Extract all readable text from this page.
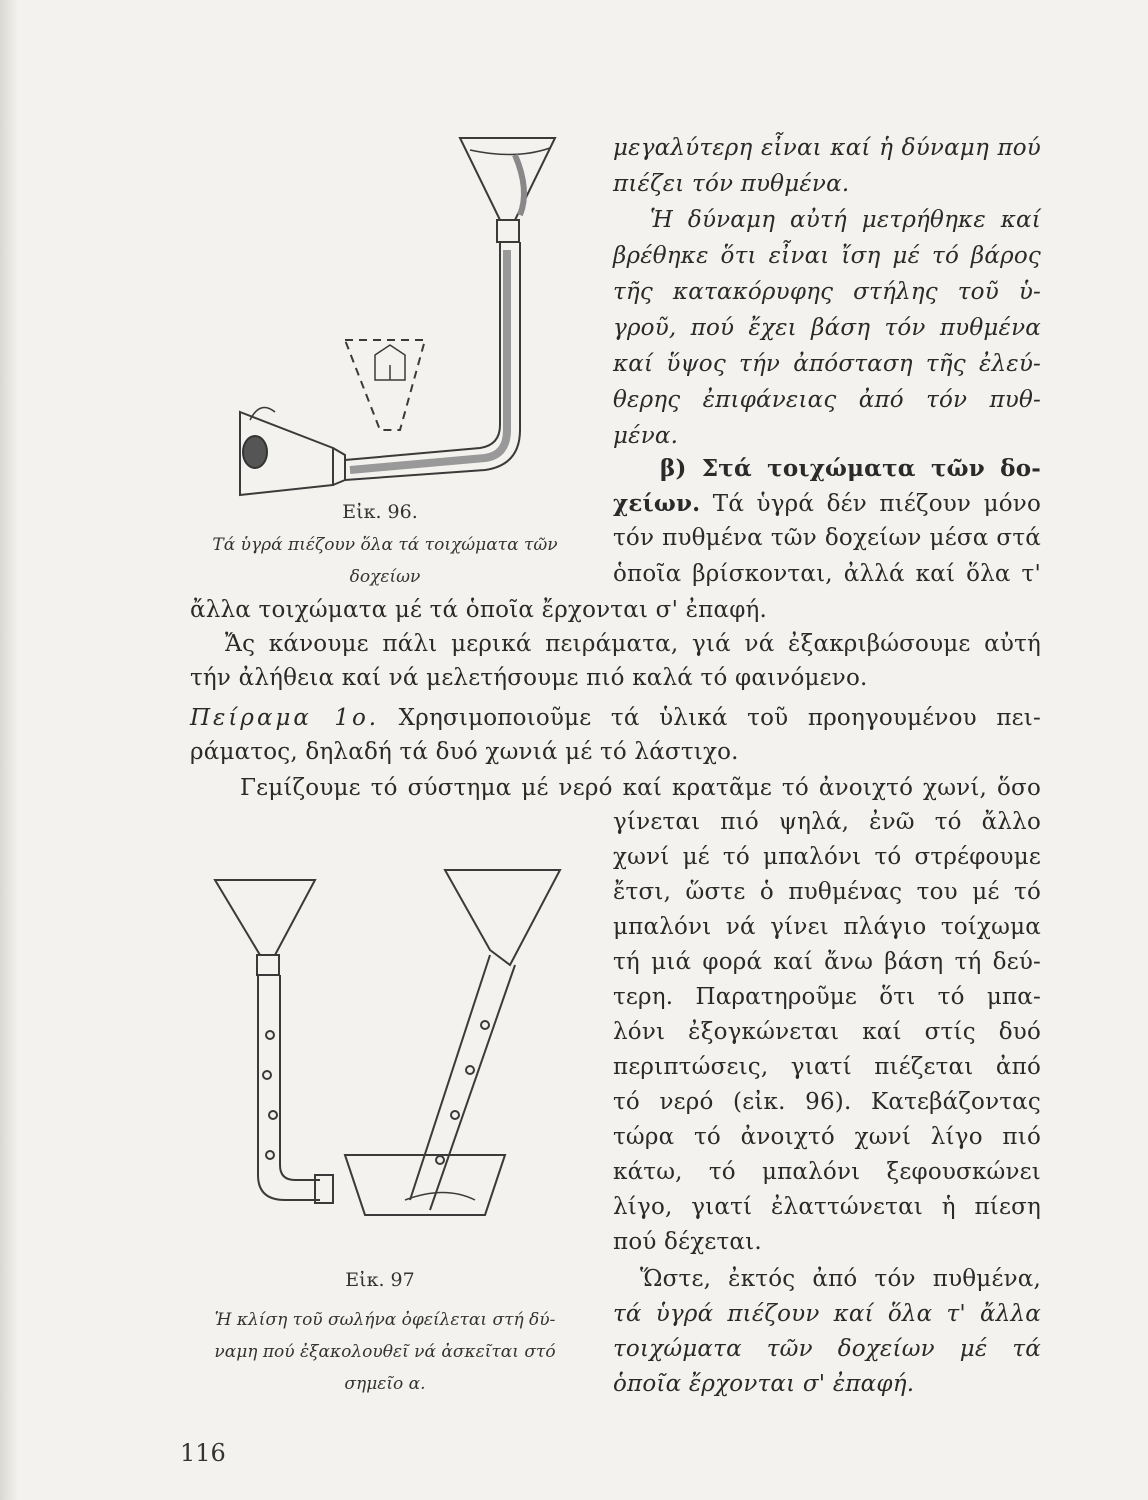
Εἰκ. 96.

Τά ὑγρά πιέζουν ὅλα τά τοιχώματα τῶν

δοχείων

Εἰκ. 97

Ἡ κλίση τοῦ σωλήνα ὀφείλεται στή δύ-

ναμη πού ἐξακολουθεῖ νά ἀσκεῖται στό

σημεῖο α.

μεγαλύτερη εἶναι καί ἡ δύναμη πού

πιέζει τόν πυθμένα.

Ἡ δύναμη αὐτή μετρήθηκε καί

βρέθηκε ὅτι εἶναι ἴση μέ τό βάρος

τῆς κατακόρυφης στήλης τοῦ ὑ-

γροῦ, πού ἔχει βάση τόν πυθμένα

καί ὕψος τήν ἀπόσταση τῆς ἐλεύ-

θερης ἐπιφάνειας ἀπό τόν πυθ-

μένα.

β) Στά τοιχώματα τῶν δο-

χείων. Τά ὑγρά δέν πιέζουν μόνο

τόν πυθμένα τῶν δοχείων μέσα στά

ὁποῖα βρίσκονται, ἀλλά καί ὅλα τ'

ἄλλα τοιχώματα μέ τά ὁποῖα ἔρχονται σ' ἐπαφή.

Ἄς κάνουμε πάλι μερικά πειράματα, γιά νά ἐξακριβώσουμε αὐτή

τήν ἀλήθεια καί νά μελετήσουμε πιό καλά τό φαινόμενο.

Πείραμα 1ο. Χρησιμοποιοῦμε τά ὑλικά τοῦ προηγουμένου πει-

ράματος, δηλαδή τά δυό χωνιά μέ τό λάστιχο.

Γεμίζουμε τό σύστημα μέ νερό καί κρατᾶμε τό ἀνοιχτό χωνί, ὅσο

γίνεται πιό ψηλά, ἐνῶ τό ἄλλο

χωνί μέ τό μπαλόνι τό στρέφουμε

ἔτσι, ὥστε ὁ πυθμένας του μέ τό

μπαλόνι νά γίνει πλάγιο τοίχωμα

τή μιά φορά καί ἄνω βάση τή δεύ-

τερη. Παρατηροῦμε ὅτι τό μπα-

λόνι ἐξογκώνεται καί στίς δυό

περιπτώσεις, γιατί πιέζεται ἀπό

τό νερό (εἰκ. 96). Κατεβάζοντας

τώρα τό ἀνοιχτό χωνί λίγο πιό

κάτω, τό μπαλόνι ξεφουσκώνει

λίγο, γιατί ἐλαττώνεται ἡ πίεση

πού δέχεται.

Ὥστε, ἐκτός ἀπό τόν πυθμένα,

τά ὑγρά πιέζουν καί ὅλα τ' ἄλλα

τοιχώματα τῶν δοχείων μέ τά

ὁποῖα ἔρχονται σ' ἐπαφή.

116
